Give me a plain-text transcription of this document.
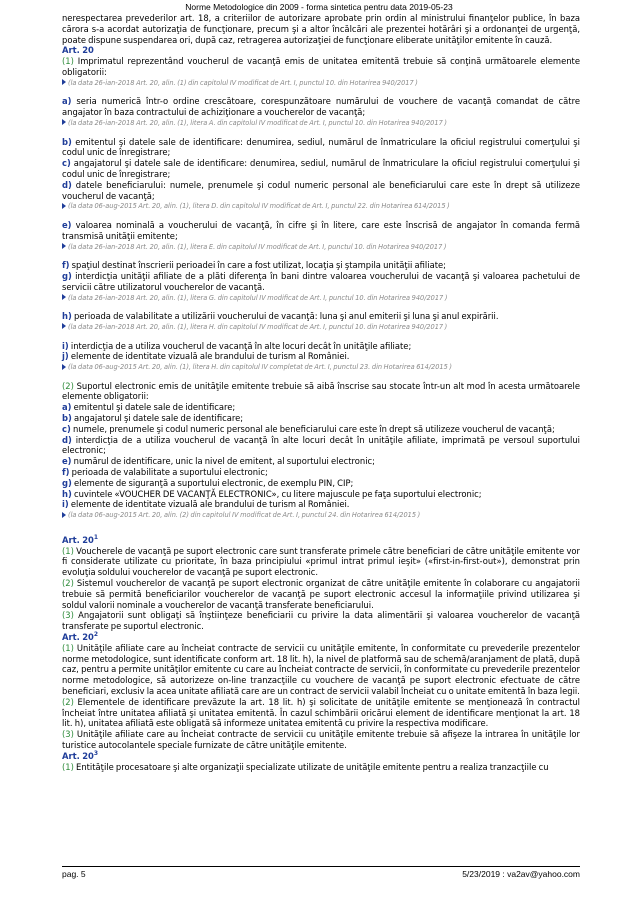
Norme Metodologice din 2009 - forma sintetica pentru data 2019-05-23

nerespectarea prevederilor art. 18, a criteriilor de autorizare aprobate prin ordin al ministrului finanţelor publice, în baza cărora s-a acordat autorizaţia de funcţionare, precum şi a altor încălcări ale prezentei hotărâri şi a ordonanţei de urgenţă, poate dispune suspendarea ori, după caz, retragerea autorizaţiei de funcţionare eliberate unităţilor emitente în cauză.

Art. 20

(1) Imprimatul reprezentând voucherul de vacanţă emis de unitatea emitentă trebuie să conţină următoarele elemente obligatorii:

(la data 26-ian-2018 Art. 20, alin. (1) din capitolul IV modificat de Art. I, punctul 10. din Hotarirea 940/2017 )

a) seria numerică într-o ordine crescătoare, corespunzătoare numărului de vouchere de vacanţă comandat de către angajator în baza contractului de achiziţionare a voucherelor de vacanţă;

(la data 26-ian-2018 Art. 20, alin. (1), litera A. din capitolul IV modificat de Art. I, punctul 10. din Hotarirea 940/2017 )

b) emitentul şi datele sale de identificare: denumirea, sediul, numărul de înmatriculare la oficiul registrului comerţului şi codul unic de înregistrare;

c) angajatorul şi datele sale de identificare: denumirea, sediul, numărul de înmatriculare la oficiul registrului comerţului şi codul unic de înregistrare;

d) datele beneficiarului: numele, prenumele şi codul numeric personal ale beneficiarului care este în drept să utilizeze voucherul de vacanţă;

(la data 06-aug-2015 Art. 20, alin. (1), litera D. din capitolul IV modificat de Art. I, punctul 22. din Hotarirea 614/2015 )

e) valoarea nominală a voucherului de vacanţă, în cifre şi în litere, care este înscrisă de angajator în comanda fermă transmisă unităţii emitente;

(la data 26-ian-2018 Art. 20, alin. (1), litera E. din capitolul IV modificat de Art. I, punctul 10. din Hotarirea 940/2017 )

f) spaţiul destinat înscrierii perioadei în care a fost utilizat, locaţia şi ştampila unităţii afiliate;

g) interdicţia unităţii afiliate de a plăti diferenţa în bani dintre valoarea voucherului de vacanţă şi valoarea pachetului de servicii către utilizatorul voucherelor de vacanţă.

(la data 26-ian-2018 Art. 20, alin. (1), litera G. din capitolul IV modificat de Art. I, punctul 10. din Hotarirea 940/2017 )

h) perioada de valabilitate a utilizării voucherului de vacanţă: luna şi anul emiterii şi luna şi anul expirării.

(la data 26-ian-2018 Art. 20, alin. (1), litera H. din capitolul IV modificat de Art. I, punctul 10. din Hotarirea 940/2017 )

i) interdicţia de a utiliza voucherul de vacanţă în alte locuri decât în unităţile afiliate;

j) elemente de identitate vizuală ale brandului de turism al României.

(la data 06-aug-2015 Art. 20, alin. (1), litera H. din capitolul IV completat de Art. I, punctul 23. din Hotarirea 614/2015 )

(2) Suportul electronic emis de unităţile emitente trebuie să aibă înscrise sau stocate într-un alt mod în acesta următoarele elemente obligatorii:

a) emitentul şi datele sale de identificare;

b) angajatorul şi datele sale de identificare;

c) numele, prenumele şi codul numeric personal ale beneficiarului care este în drept să utilizeze voucherul de vacanţă;

d) interdicţia de a utiliza voucherul de vacanţă în alte locuri decât în unităţile afiliate, imprimată pe versoul suportului electronic;

e) numărul de identificare, unic la nivel de emitent, al suportului electronic;

f) perioada de valabilitate a suportului electronic;

g) elemente de siguranţă a suportului electronic, de exemplu PIN, CIP;

h) cuvintele «VOUCHER DE VACANŢĂ ELECTRONIC», cu litere majuscule pe faţa suportului electronic;

i) elemente de identitate vizuală ale brandului de turism al României.

(la data 06-aug-2015 Art. 20, alin. (2) din capitolul IV modificat de Art. I, punctul 24. din Hotarirea 614/2015 )
Art. $20^1$

(1) Voucherele de vacanţă pe suport electronic care sunt transferate primele către beneficiari de către unităţile emitente vor fi considerate utilizate cu prioritate, în baza principiului «primul intrat primul ieşit» («first-in-first-out»), demonstrat prin evoluţia soldului voucherelor de vacanţă pe suport electronic.

(2) Sistemul voucherelor de vacanţă pe suport electronic organizat de către unităţile emitente în colaborare cu angajatorii trebuie să permită beneficiarilor voucherelor de vacanţă pe suport electronic accesul la informaţiile privind utilizarea şi soldul valorii nominale a voucherelor de vacanţă transferate beneficiarului.

(3) Angajatorii sunt obligaţi să înştiinţeze beneficiarii cu privire la data alimentării şi valoarea voucherelor de vacanţă transferate pe suportul electronic.

Art. $20^2$

(1) Unităţile afiliate care au încheiat contracte de servicii cu unităţile emitente, în conformitate cu prevederile prezentelor norme metodologice, sunt identificate conform art. 18 lit. h), la nivel de platformă sau de schemă/aranjament de plată, după caz, pentru a permite unităţilor emitente cu care au încheiat contracte de servicii, în conformitate cu prevederile prezentelor norme metodologice, să autorizeze on-line tranzacţiile cu vouchere de vacanţă pe suport electronic efectuate de către beneficiari, exclusiv la acea unitate afiliată care are un contract de servicii valabil încheiat cu o unitate emitentă în baza legii.

(2) Elementele de identificare prevăzute la art. 18 lit. h) şi solicitate de unităţile emitente se menţionează în contractul încheiat între unitatea afiliată şi unitatea emitentă. În cazul schimbării oricărui element de identificare menţionat la art. 18 lit. h), unitatea afiliată este obligată să informeze unitatea emitentă cu privire la respectiva modificare.

(3) Unităţile afiliate care au încheiat contracte de servicii cu unităţile emitente trebuie să afişeze la intrarea în unităţile lor turistice autocolantele speciale furnizate de către unităţile emitente.

Art. $20^3$

(1) Entităţile procesatoare şi alte organizaţii specializate utilizate de unităţile emitente pentru a realiza tranzacţiile cu

pag. 5	5/23/2019 : va2av@yahoo.com
